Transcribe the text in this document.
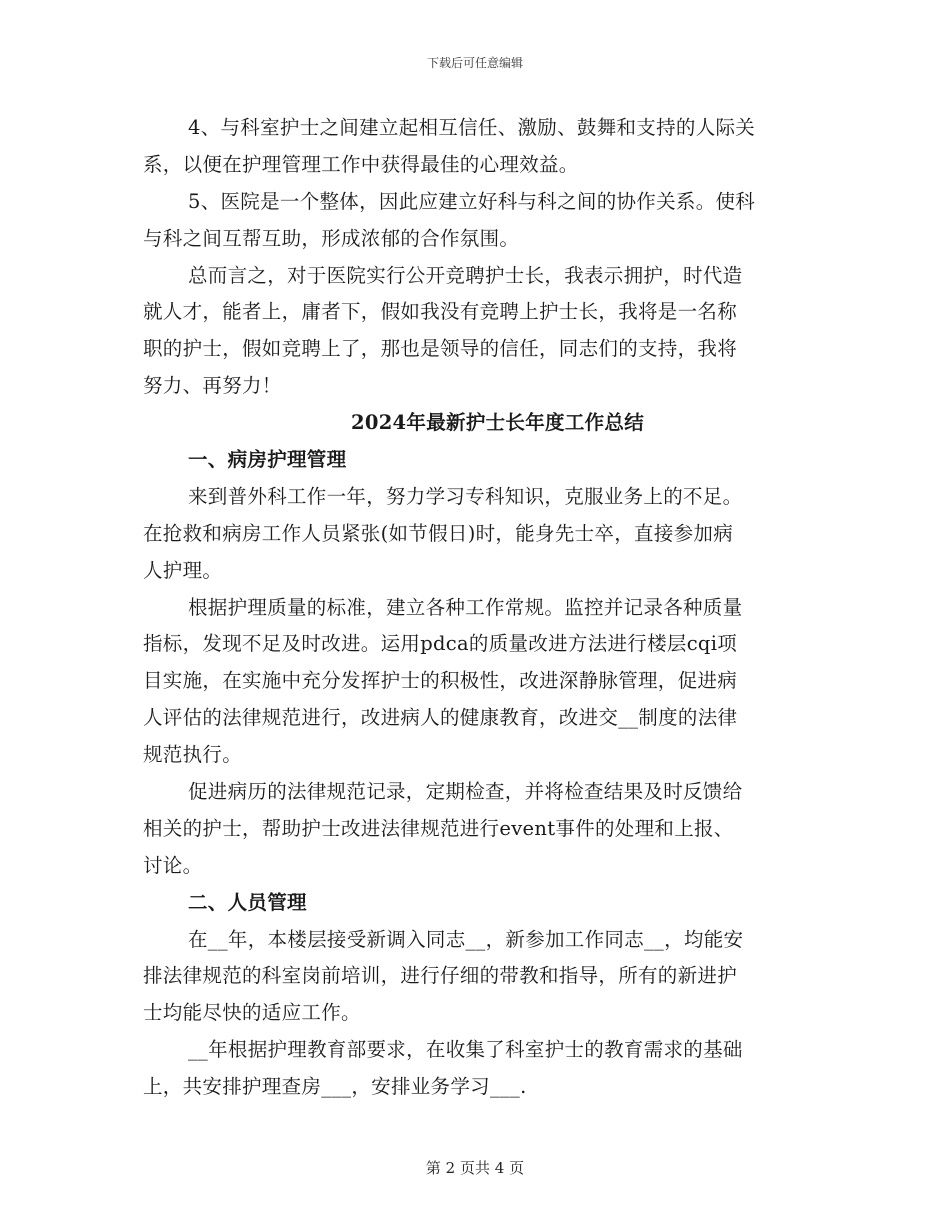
下载后可任意编辑
4、与科室护士之间建立起相互信任、激励、鼓舞和支持的人际关
系，以便在护理管理工作中获得最佳的心理效益。
5、医院是一个整体，因此应建立好科与科之间的协作关系。使科
与科之间互帮互助，形成浓郁的合作氛围。
总而言之，对于医院实行公开竞聘护士长，我表示拥护，时代造
就人才，能者上，庸者下，假如我没有竞聘上护士长，我将是一名称
职的护士，假如竞聘上了，那也是领导的信任，同志们的支持，我将
努力、再努力！
2024年最新护士长年度工作总结
一、病房护理管理
来到普外科工作一年，努力学习专科知识，克服业务上的不足。
在抢救和病房工作人员紧张(如节假日)时，能身先士卒，直接参加病
人护理。
根据护理质量的标准，建立各种工作常规。监控并记录各种质量
指标，发现不足及时改进。运用pdca的质量改进方法进行楼层cqi项
目实施，在实施中充分发挥护士的积极性，改进深静脉管理，促进病
人评估的法律规范进行，改进病人的健康教育，改进交__制度的法律
规范执行。
促进病历的法律规范记录，定期检查，并将检查结果及时反馈给
相关的护士，帮助护士改进法律规范进行event事件的处理和上报、
讨论。
二、人员管理
在__年，本楼层接受新调入同志__，新参加工作同志__，均能安
排法律规范的科室岗前培训，进行仔细的带教和指导，所有的新进护
士均能尽快的适应工作。
__年根据护理教育部要求，在收集了科室护士的教育需求的基础
上，共安排护理查房___，安排业务学习___.
第 2 页共 4 页
